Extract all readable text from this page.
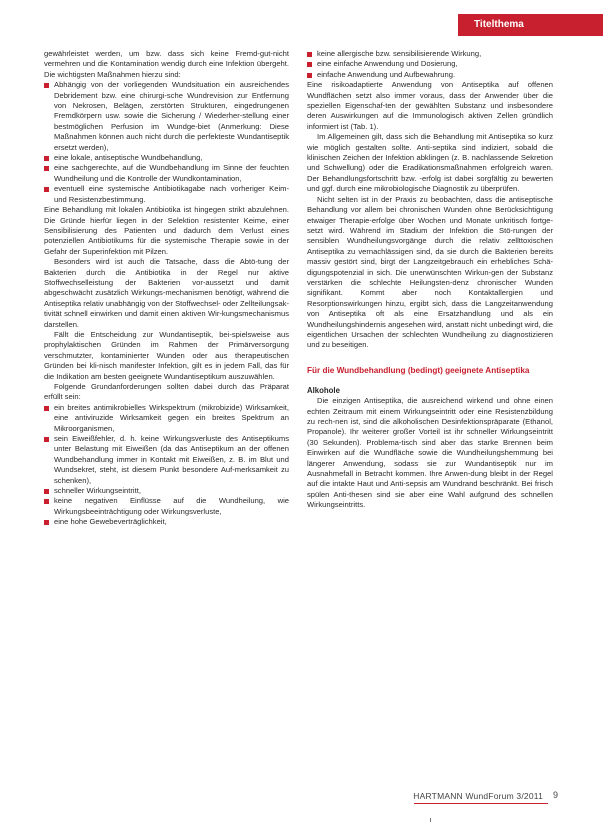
Titelthema

gewährleistet werden, um bzw. dass sich keine Fremd-gut-nicht vermehren und die Kontamination wendig durch eine Infektion übergeht. Die wichtigsten Maßnahmen hierzu sind:

Abhängig von der vorliegenden Wundsituation ein ausreichendes Debridement bzw. eine chirurgi-sche Wundrevision zur Entfernung von Nekrosen, Belägen, zerstörten Strukturen, eingedrungenen Fremdkörpern usw. sowie die Sicherung / Wiederher-stellung einer bestmöglichen Perfusion im Wundge-biet (Anmerkung: Diese Maßnahmen können auch nicht durch die perfekteste Wundantiseptik ersetzt werden),
eine lokale, antiseptische Wundbehandlung,
eine sachgerechte, auf die Wundbehandlung im Sinne der feuchten Wundheilung und die Kontrolle der Wundkontamination,
eventuell eine systemische Antibiotikagabe nach vorheriger Keim- und Resistenzbestimmung.

Eine Behandlung mit lokalen Antibiotika ist hingegen strikt abzulehnen. Die Gründe hierfür liegen in der Selektion resistenter Keime, einer Sensibilisierung des Patienten und dadurch dem Verlust eines potenziellen Antibiotikums für die systemische Therapie sowie in der Gefahr der Superinfektion mit Pilzen.

Besonders wird ist auch die Tatsache, dass die Abtö-tung der Bakterien durch die Antibiotika in der Regel nur aktive Stoffwechselleistung der Bakterien vor-aussetzt und damit abgeschwächt zusätzlich Wirkungs-mechanismen benötigt, während die Antiseptika relativ unabhängig von der Stoffwechsel- oder Zellteilungsak-tivität schnell einwirken und damit einen aktiven Wir-kungsmechanismus darstellen.

Fällt die Entscheidung zur Wundantiseptik, bei-spielsweise aus prophylaktischen Gründen im Rahmen der Primärversorgung verschmutzter, kontaminierter Wunden oder aus therapeutischen Gründen bei kli-nisch manifester Infektion, gilt es in jedem Fall, das für die Indikation am besten geeignete Wundantiseptikum auszuwählen.

Folgende Grundanforderungen sollten dabei durch das Präparat erfüllt sein:

ein breites antimikrobielles Wirkspektrum (mikrobizide) Wirksamkeit, eine antiviruzide Wirksamkeit gegen ein breites Spektrum an Mikroorganismen,
sein Eiweißfehler, d. h. keine Wirkungsverluste des Antiseptikums unter Belastung mit Eiweißen (da das Antiseptikum an der offenen Wundbehandlung immer in Kontakt mit Eiweißen, z. B. im Blut und Wundsekret, steht, ist diesem Punkt besondere Auf-merksamkeit zu schenken),
schneller Wirkungseintritt,
keine negativen Einflüsse auf die Wundheilung, wie Wirkungsbeeinträchtigung oder Wirkungsverluste,
eine hohe Gewebeverträglichkeit,
keine allergische bzw. sensibilisierende Wirkung,
eine einfache Anwendung und Dosierung,
einfache Anwendung und Aufbewahrung.

Eine risikoadaptierte Anwendung von Antiseptika auf offenen Wundflächen setzt also immer voraus, dass der Anwender über die speziellen Eigenschaf-ten der gewählten Substanz und insbesondere deren Auswirkungen auf die Immunologisch aktiven Zellen gründlich informiert ist (Tab. 1).

Im Allgemeinen gilt, dass sich die Behandlung mit Antiseptika so kurz wie möglich gestalten sollte. Anti-septika sind indiziert, sobald die klinischen Zeichen der Infektion abklingen (z. B. nachlassende Sekretion und Schwellung) oder die Eradikationsmaßnahmen erfolgreich waren. Der Behandlungsfortschritt bzw. -erfolg ist dabei sorgfältig zu bewerten und ggf. durch eine mikrobiologische Diagnostik zu überprüfen.

Nicht selten ist in der Praxis zu beobachten, dass die antiseptische Behandlung vor allem bei chronischen Wunden ohne Berücksichtigung etwaiger Therapie-erfolge über Wochen und Monate unkritisch fortge-setzt wird. Während im Stadium der Infektion die Stö-rungen der sensiblen Wundheilungsvorgänge durch die relativ zellttoxischen Antiseptika zu vernachlässigen sind, da sie durch die Bakterien bereits massiv gestört sind, birgt der Langzeitgebrauch ein erhebliches Schä-digungspotenzial in sich. Die unerwünschten Wirkun-gen der Substanz verstärken die schlechte Heilungsten-denz chronischer Wunden signifikant. Kommt aber noch Kontaktallergien und Resorptionswirkungen hinzu, ergibt sich, dass die Langzeitanwendung von Antiseptika oft als eine Ersatzhandlung und als ein Wundheilungshindernis angesehen wird, anstatt nicht unbedingt wird, die eigentlichen Ursachen der schlechten Wundheilung zu diagnostizieren und zu beseitigen.

Für die Wundbehandlung (bedingt) geeignete Antiseptika
Alkohole

Die einzigen Antiseptika, die ausreichend wirkend und ohne einen echten Zeitraum mit einem Wirkungseintritt oder eine Resistenzbildung zu rech-nen ist, sind die alkoholischen Desinfektionspräparate (Ethanol, Propanole). Ihr weiterer großer Vorteil ist ihr schneller Wirkungseintritt (30 Sekunden). Problema-tisch sind aber das starke Brennen beim Einwirken auf die Wundfläche sowie die Wundheilungshemmung bei längerer Anwendung, sodass sie zur Wundantiseptik nur im Ausnahmefall in Betracht kommen. Ihre Anwen-dung bleibt in der Regel auf die intakte Haut und Anti-sepsis am Wundrand beschränkt. Bei frisch spülen Anti-thesen sind sie aber eine Wahl aufgrund des schnellen Wirkungseintritts.

HARTMANN WundForum 3/2011 9
